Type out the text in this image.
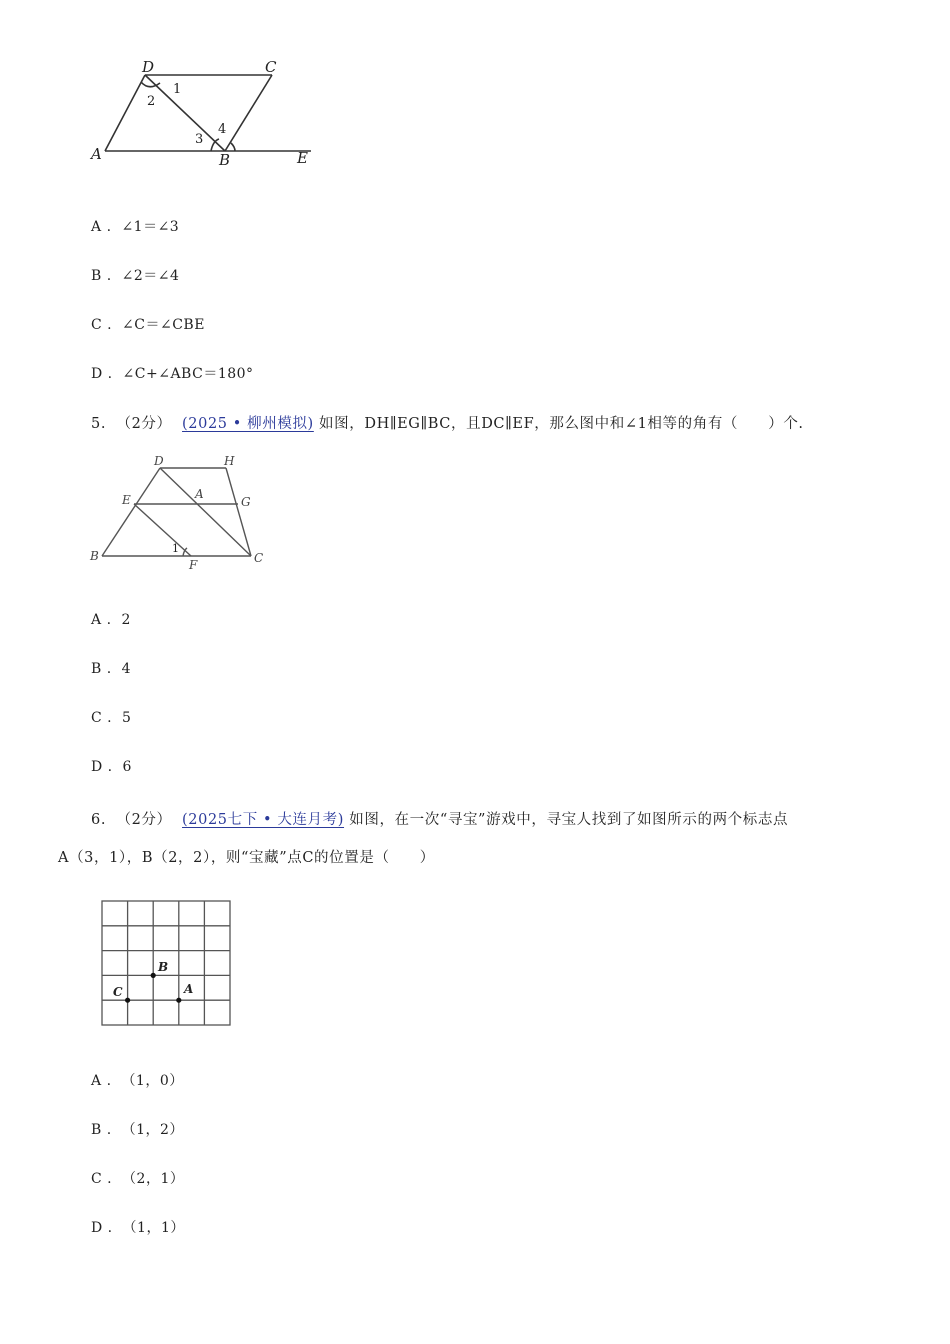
D	C
A	B	E
1
2
3
4
A .  ∠1＝∠3
B .  ∠2＝∠4
C .  ∠C＝∠CBE
D .  ∠C+∠ABC＝180°
5. （2分） (2025 • 柳州模拟) 如图，DH∥EG∥BC，且DC∥EF，那么图中和∠1相等的角有（　　）个.
D	H
E	A
G
B
F	C
1
A .  2
B .  4
C .  5
D .  6
6. （2分） (2025七下 • 大连月考) 如图，在一次“寻宝”游戏中，寻宝人找到了如图所示的两个标志点
A（3，1），B（2，2），则“宝藏”点C的位置是（　　）
B
C	A
A .  （1，0）
B .  （1，2）
C .  （2，1）
D .  （1，1）
